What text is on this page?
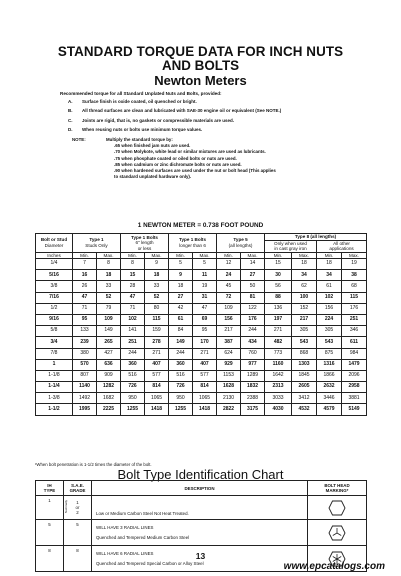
STANDARD TORQUE DATA FOR INCH NUTS
AND BOLTS
Newton Meters
Recommended torque for all Standard Unplated Nuts and Bolts, provided:
A. Surface finish is oxide coated, oil quenched or bright.
B. All thread surfaces are clean and lubricated with SAE-30 engine oil or equivalent (See NOTE.)
C. Joints are rigid, that is, no gaskets or compressible materials are used.
D. When reusing nuts or bolts use minimum torque values.
NOTE:	Multiply the standard torque by:
.65 when finished jam nuts are used.
.70 when Molykote, white lead or similar mixtures are used as lubricants.
.75 when phosphate coated or oiled bolts or nuts are used.
.85 when cadmium or zinc dichromate bolts or nuts are used.
.90 when hardened surfaces are used under the nut or bolt head (This applies
to standard unplated hardware only).
1 NEWTON METER = 0.738 FOOT POUND
Bolt or Stud
Diameter	Type 1
Studs Only		Type 1 Bolts
6" length
or less		Type 1 Bolts
longer than 6		Type 5
(all lengths)		Type 8 (all lengths)			

									Only when used
in cast gray iron		All other
applications	

Inches	Min.	Max.	Min.	Max.	Min.	Max.	Min.	Max.	Min.	Max.	Min.	Max.
1/4	7	8	8	9	5	5	12	14	15	18	18	19
5/16	16	18	15	18	9	11	24	27	30	34	34	38
3/8	26	33	28	33	18	19	45	50	56	62	61	68
7/16	47	52	47	52	27	31	72	81	88	100	102	115
1/2	71	79	71	80	42	47	109	122	136	152	156	176
9/16	95	109	102	115	61	69	156	176	197	217	224	251
5/8	133	149	141	159	84	95	217	244	271	305	305	346
3/4	239	265	251	278	149	170	387	434	482	543	543	611
7/8	380	427	244	271	244	271	624	760	773	868	875	984
1	570	636	360	407	360	407	929	977	1160	1303	1316	1479
1-1/8	807	909	516	577	516	577	1153	1289	1642	1845	1866	2096
1-1/4	1140	1282	726	814	726	814	1628	1832	2313	2605	2632	2958
1-3/8	1492	1682	950	1065	950	1065	2130	2388	3033	3412	3446	3881
1-1/2	1995	2225	1255	1418	1255	1418	2822	3175	4030	4532	4579	5149
¹When bolt penetration is 1-1/2 times the diameter of the bolt.
Bolt Type Identification Chart
IH
TYPE	S.A.E.
GRADE	DESCRIPTION	BOLT HEAD
MARKING*

1	Nominally 1
or
2	Low or Medium Carbon Steel Not Heat Treated.

5	5	WILL HAVE 3 RADIAL LINES
Quenched and Tempered Medium Carbon Steel

8	8	WILL HAVE 6 RADIAL LINES
Quenched and Tempered Special Carbon or Alloy Steel

13
www.epcatalogs.com
